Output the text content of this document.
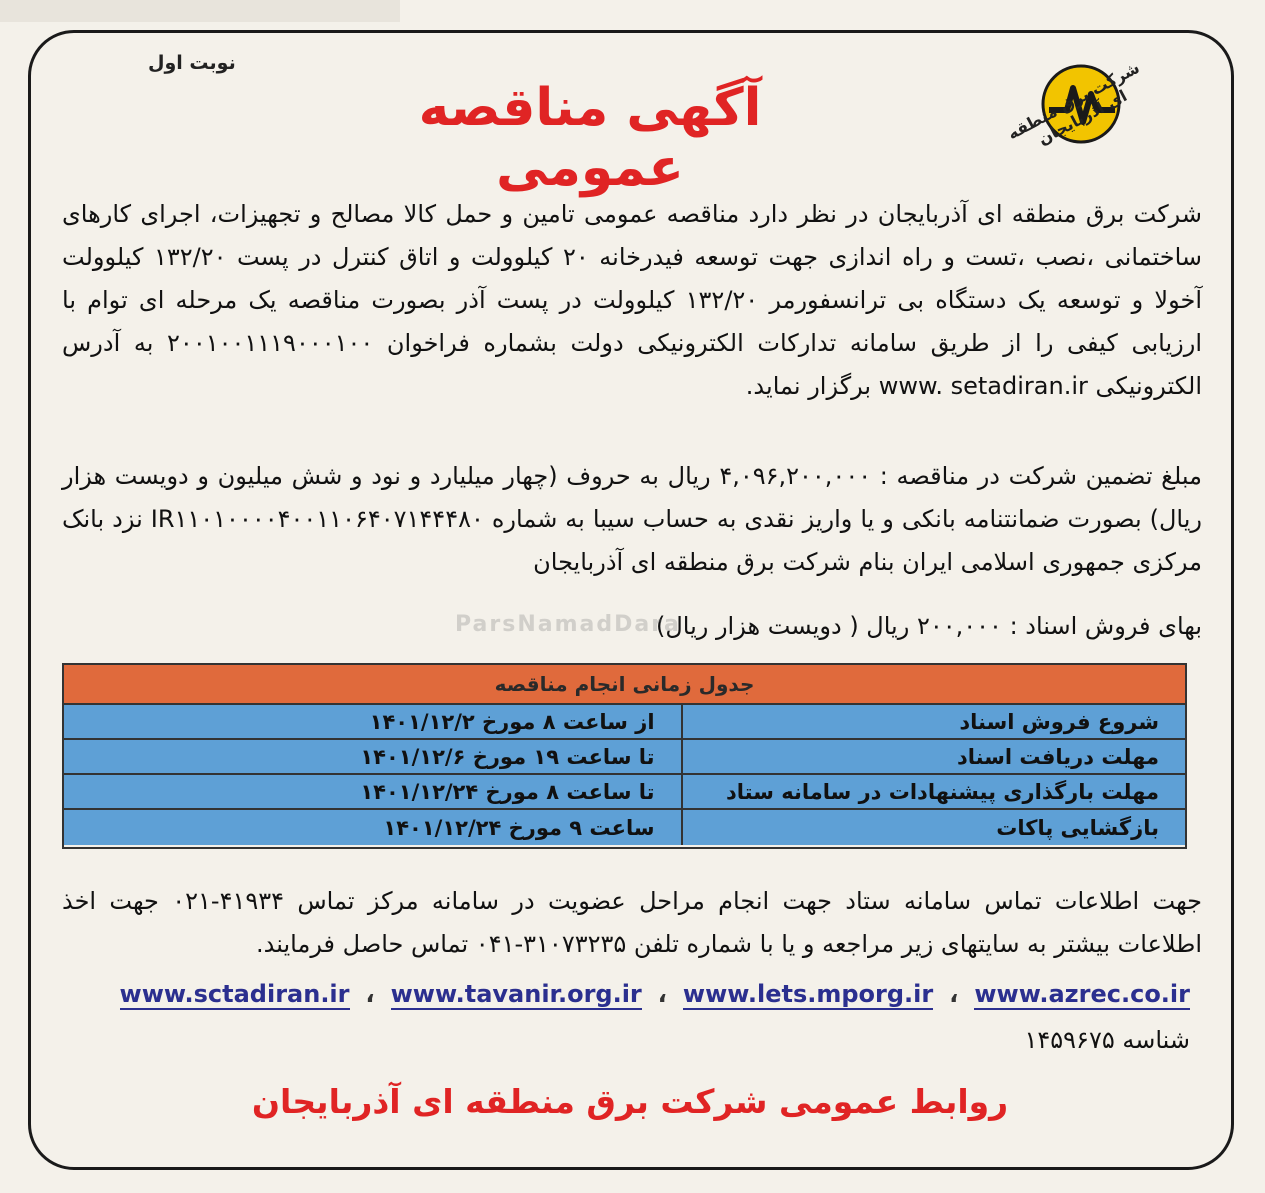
شرکت برق منطقه ای آذربایجان
نوبت اول
آگهی مناقصه عمومی
شرکت برق منطقه ای آذربایجان در نظر دارد مناقصه عمومی تامین و حمل کالا مصالح و تجهیزات، اجرای کارهای ساختمانی ،نصب ،تست و راه اندازی جهت توسعه فیدرخانه ۲۰ کیلوولت و اتاق کنترل در پست ۱۳۲/۲۰ کیلوولت آخولا و توسعه یک دستگاه بی ترانسفورمر ۱۳۲/۲۰ کیلوولت در پست آذر بصورت مناقصه یک مرحله ای توام با ارزیابی کیفی را از طریق سامانه تدارکات الکترونیکی دولت بشماره فراخوان ۲۰۰۱۰۰۱۱۱۹۰۰۰۱۰۰ به آدرس الکترونیکی www. setadiran.ir برگزار نماید.
مبلغ تضمین شرکت در مناقصه : ۴,۰۹۶,۲۰۰,۰۰۰ ریال به حروف (چهار میلیارد و نود و شش میلیون و دویست هزار ریال) بصورت ضمانتنامه بانکی و یا واریز نقدی به حساب سیبا به شماره IR۱۱۰۱۰۰۰۰۴۰۰۱۱۰۶۴۰۷۱۴۴۴۸۰ نزد بانک مرکزی جمهوری اسلامی ایران بنام شرکت برق منطقه ای آذربایجان
بهای فروش اسناد : ۲۰۰,۰۰۰ ریال ( دویست هزار ریال)
ParsNamadDara
جدول زمانی انجام مناقصه
شروع فروش اسناد
از ساعت ۸ مورخ ۱۴۰۱/۱۲/۲
مهلت دریافت اسناد
تا ساعت ۱۹ مورخ ۱۴۰۱/۱۲/۶
مهلت بارگذاری پیشنهادات در سامانه ستاد
تا ساعت ۸ مورخ ۱۴۰۱/۱۲/۲۴
بازگشایی پاکات
ساعت ۹ مورخ ۱۴۰۱/۱۲/۲۴
جهت اطلاعات تماس سامانه ستاد جهت انجام مراحل عضویت در سامانه مرکز تماس ۴۱۹۳۴-۰۲۱ جهت اخذ اطلاعات بیشتر به سایتهای زیر مراجعه و یا با شماره تلفن ۳۱۰۷۳۲۳۵-۰۴۱ تماس حاصل فرمایند.
www.azrec.co.ir
،
www.lets.mporg.ir
،
www.tavanir.org.ir
،
www.sctadiran.ir
شناسه ۱۴۵۹۶۷۵
روابط عمومی شرکت برق منطقه ای آذربایجان
